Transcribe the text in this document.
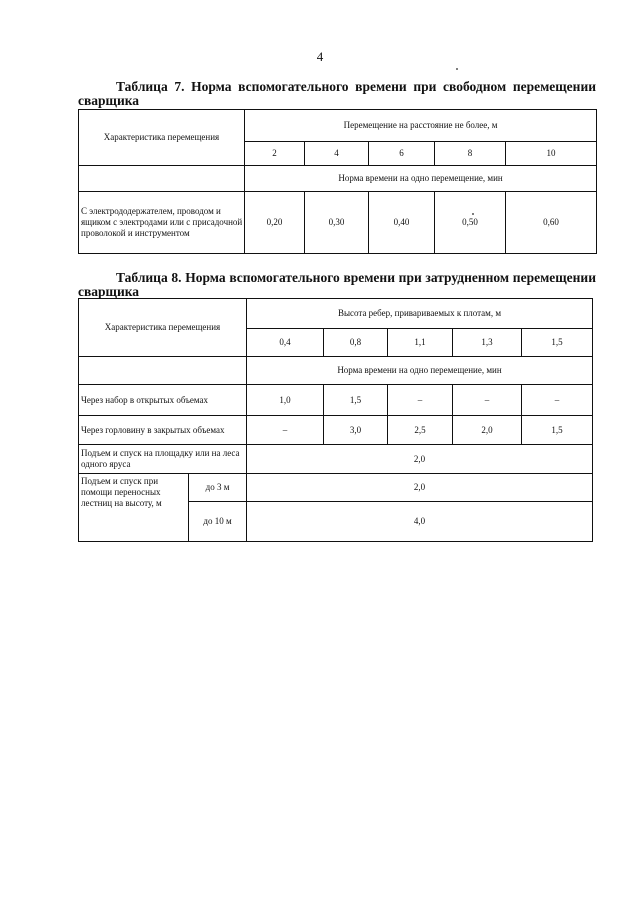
4
Таблица 7. Норма вспомогательного времени при свободном перемещении сварщика
Характеристика перемещения	Перемещение на расстояние не более, м				
	2	4	6	8	10
	Норма времени на одно перемещение, мин				
С электрододержателем, проводом и ящиком с электродами или с присадочной проволокой и инструментом	0,20	0,30	0,40	0,50	0,60
Таблица 8. Норма вспомогательного времени при затрудненном перемещении сварщика
Характеристика перемещения		Высота ребер, привариваемых к плотам, м				
		0,4	0,8	1,1	1,3	1,5
		Норма времени на одно перемещение, мин				
Через набор в открытых объемах		1,0	1,5	–	–	–
Через горловину в закрытых объемах		–	3,0	2,5	2,0	1,5
Подъем и спуск на площадку или на леса одного яруса		2,0				
Подъем и спуск при помощи переносных лестниц на высоту, м	до 3 м	2,0				
	до 10 м	4,0				
